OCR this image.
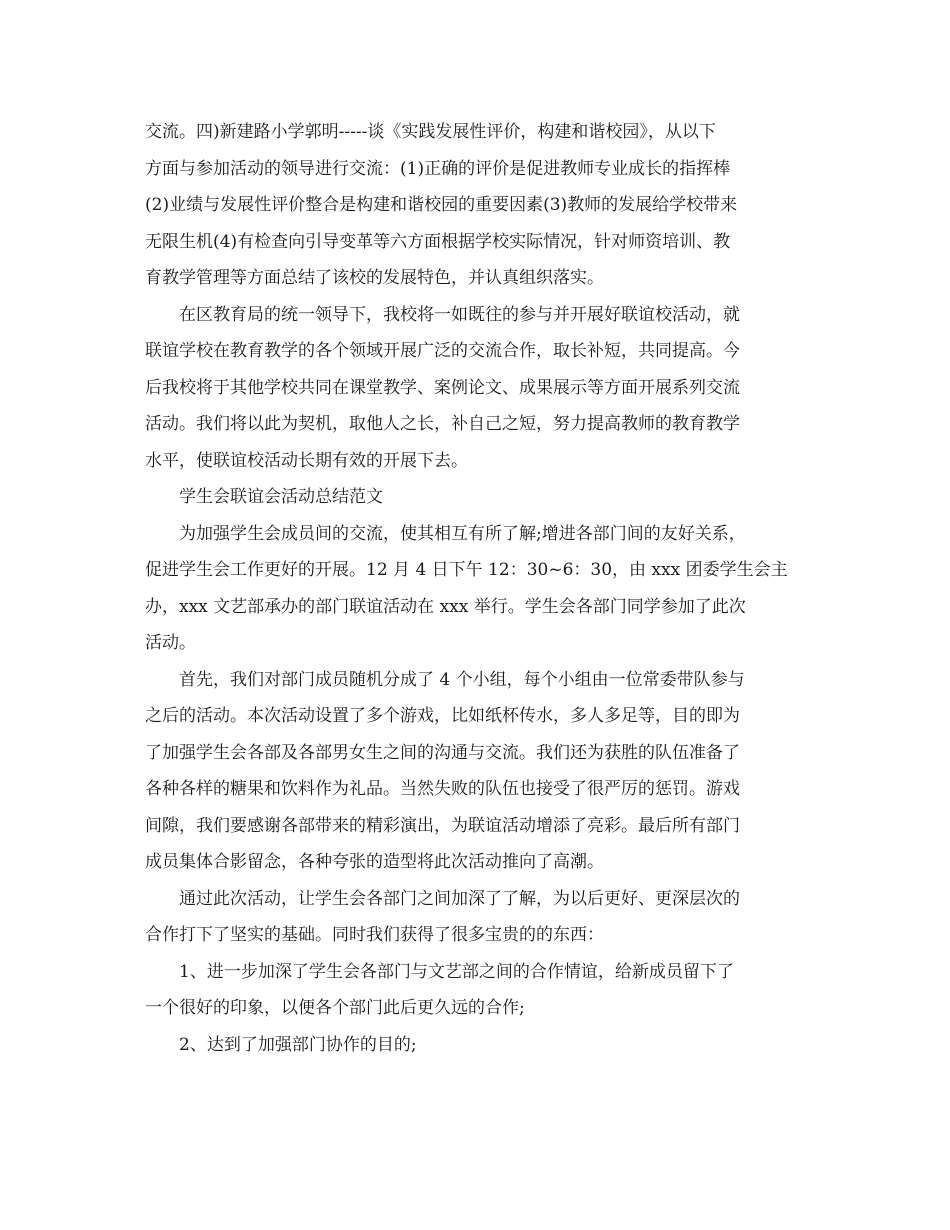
交流。四)新建路小学郭明-----谈《实践发展性评价，构建和谐校园》，从以下
方面与参加活动的领导进行交流：(1)正确的评价是促进教师专业成长的指挥棒
(2)业绩与发展性评价整合是构建和谐校园的重要因素(3)教师的发展给学校带来
无限生机(4)有检查向引导变革等六方面根据学校实际情况，针对师资培训、教
育教学管理等方面总结了该校的发展特色，并认真组织落实。
在区教育局的统一领导下，我校将一如既往的参与并开展好联谊校活动，就
联谊学校在教育教学的各个领域开展广泛的交流合作，取长补短，共同提高。今
后我校将于其他学校共同在课堂教学、案例论文、成果展示等方面开展系列交流
活动。我们将以此为契机，取他人之长，补自己之短，努力提高教师的教育教学
水平，使联谊校活动长期有效的开展下去。
学生会联谊会活动总结范文
为加强学生会成员间的交流，使其相互有所了解;增进各部门间的友好关系，
促进学生会工作更好的开展。12 月 4 日下午 12：30~6：30，由 xxx 团委学生会主
办，xxx 文艺部承办的部门联谊活动在 xxx 举行。学生会各部门同学参加了此次
活动。
首先，我们对部门成员随机分成了 4 个小组，每个小组由一位常委带队参与
之后的活动。本次活动设置了多个游戏，比如纸杯传水，多人多足等，目的即为
了加强学生会各部及各部男女生之间的沟通与交流。我们还为获胜的队伍准备了
各种各样的糖果和饮料作为礼品。当然失败的队伍也接受了很严厉的惩罚。游戏
间隙，我们要感谢各部带来的精彩演出，为联谊活动增添了亮彩。最后所有部门
成员集体合影留念，各种夸张的造型将此次活动推向了高潮。
通过此次活动，让学生会各部门之间加深了了解，为以后更好、更深层次的
合作打下了坚实的基础。同时我们获得了很多宝贵的的东西：
1、进一步加深了学生会各部门与文艺部之间的合作情谊，给新成员留下了
一个很好的印象，以便各个部门此后更久远的合作;
2、达到了加强部门协作的目的;
